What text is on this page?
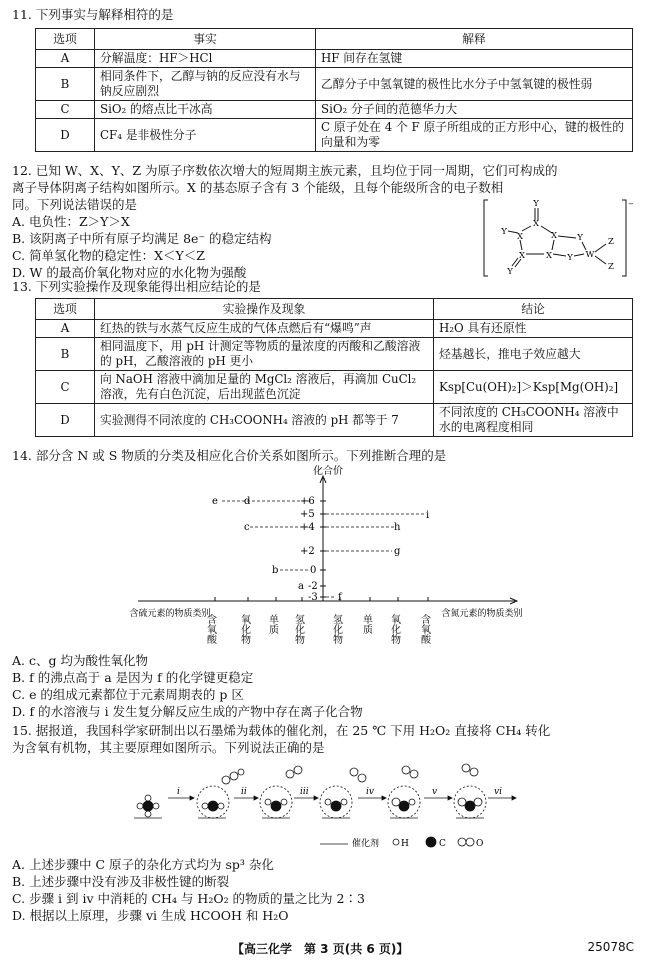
11. 下列事实与解释相符的是
选项	事实	解释
A	分解温度：HF＞HCl	HF 间存在氢键
B	相同条件下，乙醇与钠的反应没有水与钠反应剧烈	乙醇分子中氢氧键的极性比水分子中氢氧键的极性弱
C	SiO₂ 的熔点比干冰高	SiO₂ 分子间的范德华力大
D	CF₄ 是非极性分子	C 原子处在 4 个 F 原子所组成的正方形中心，键的极性的向量和为零
12. 已知 W、X、Y、Z 为原子序数依次增大的短周期主族元素，且均位于同一周期，它们可构成的
离子导体阴离子结构如图所示。X 的基态原子含有 3 个能级，且每个能级所含的电子数相
同。下列说法错误的是
A. 电负性：Z＞Y＞X
B. 该阴离子中所有原子均满足 8e⁻ 的稳定结构
C. 简单氢化物的稳定性：X＜Y＜Z
D. W 的最高价氧化物对应的水化物为强酸
−
Y
X
Y X	Y
X
X X Y W
Z
Z
Y
13. 下列实验操作及现象能得出相应结论的是
选项	实验操作及现象	结论
A	红热的铁与水蒸气反应生成的气体点燃后有“爆鸣”声	H₂O 具有还原性
B	相同温度下，用 pH 计测定等物质的量浓度的丙酸和乙酸溶液的 pH，乙酸溶液的 pH 更小	烃基越长，推电子效应越大
C	向 NaOH 溶液中滴加足量的 MgCl₂ 溶液后，再滴加 CuCl₂ 溶液，先有白色沉淀，后出现蓝色沉淀	Ksp[Cu(OH)₂]＞Ksp[Mg(OH)₂]
D	实验测得不同浓度的 CH₃COONH₄ 溶液的 pH 都等于 7	不同浓度的 CH₃COONH₄ 溶液中水的电离程度相同
14. 部分含 N 或 S 物质的分类及相应化合价关系如图所示。下列推断合理的是
化合价
+6
+5
+4
+2
0
-2
-3
e	d
i
c	h
g
b
a
f
含硫元素的物质类别	含氮元素的物质类别
含氧酸 氧化物 单质 氢化物	氢化物 单质 氧化物 含氧酸
A. c、g 均为酸性氧化物
B. f 的沸点高于 a 是因为 f 的化学键更稳定
C. e 的组成元素都位于元素周期表的 p 区
D. f 的水溶液与 i 发生复分解反应生成的产物中存在离子化合物
15. 据报道，我国科学家研制出以石墨烯为载体的催化剂，在 25 ℃ 下用 H₂O₂ 直接将 CH₄ 转化
为含氧有机物，其主要原理如图所示。下列说法正确的是
i	ii	iii	iv	v	vi
催化剂 H	C	O
A. 上述步骤中 C 原子的杂化方式均为 sp³ 杂化
B. 上述步骤中没有涉及非极性键的断裂
C. 步骤 i 到 iv 中消耗的 CH₄ 与 H₂O₂ 的物质的量之比为 2∶3
D. 根据以上原理，步骤 vi 生成 HCOOH 和 H₂O
【高三化学　第 3 页(共 6 页)】	25078C
